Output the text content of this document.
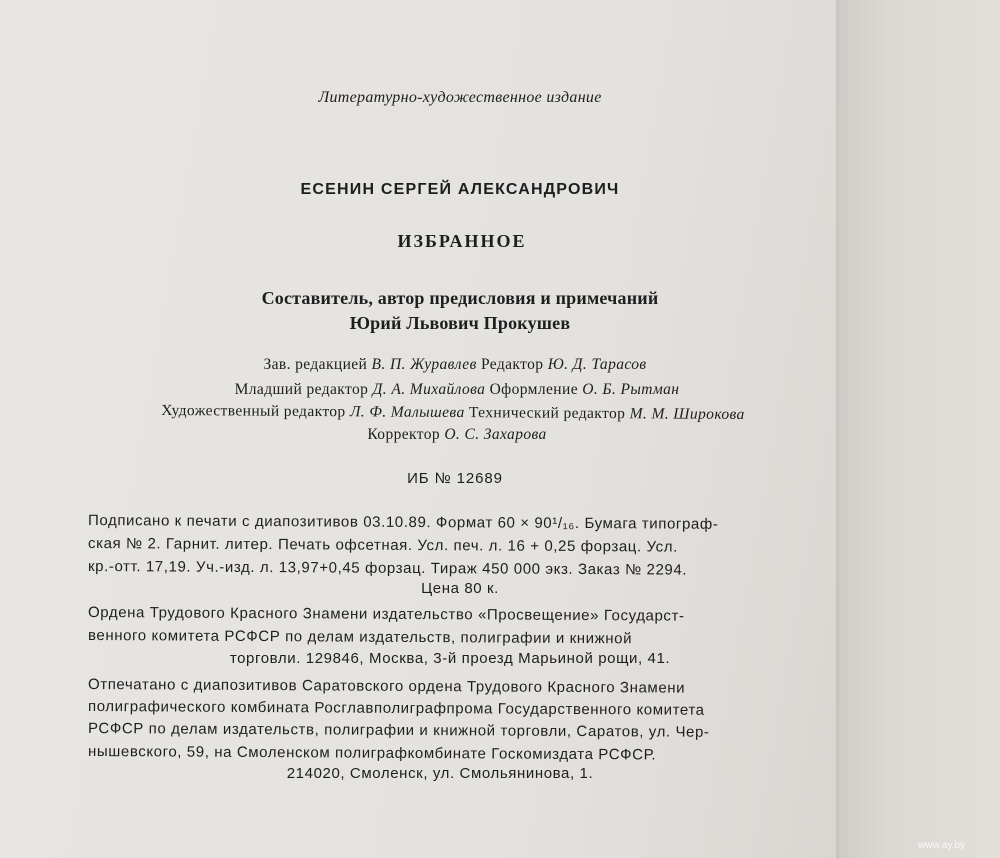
Литературно-художественное издание
ЕСЕНИН СЕРГЕЙ АЛЕКСАНДРОВИЧ
ИЗБРАННОЕ
Составитель, автор предисловия и примечаний
Юрий Львович Прокушев
Зав. редакцией В. П. Журавлев Редактор Ю. Д. Тарасов
Младший редактор Д. А. Михайлова Оформление О. Б. Рытман
Художественный редактор Л. Ф. Малышева Технический редактор М. М. Широкова
Корректор О. С. Захарова
ИБ № 12689
Подписано к печати с диапозитивов 03.10.89. Формат 60 × 90¹/₁₆. Бумага типограф-
ская № 2. Гарнит. литер. Печать офсетная. Усл. печ. л. 16 + 0,25 форзац. Усл.
кр.-отт. 17,19. Уч.-изд. л. 13,97+0,45 форзац. Тираж 450 000 экз. Заказ № 2294.
Цена 80 к.
Ордена Трудового Красного Знамени издательство «Просвещение» Государст-
венного комитета РСФСР по делам издательств, полиграфии и книжной
торговли. 129846, Москва, 3-й проезд Марьиной рощи, 41.
Отпечатано с диапозитивов Саратовского ордена Трудового Красного Знамени
полиграфического комбината Росглавполиграфпрома Государственного комитета
РСФСР по делам издательств, полиграфии и книжной торговли, Саратов, ул. Чер-
нышевского, 59, на Смоленском полиграфкомбинате Госкомиздата РСФСР.
214020, Смоленск, ул. Смольянинова, 1.
www.ay.by
